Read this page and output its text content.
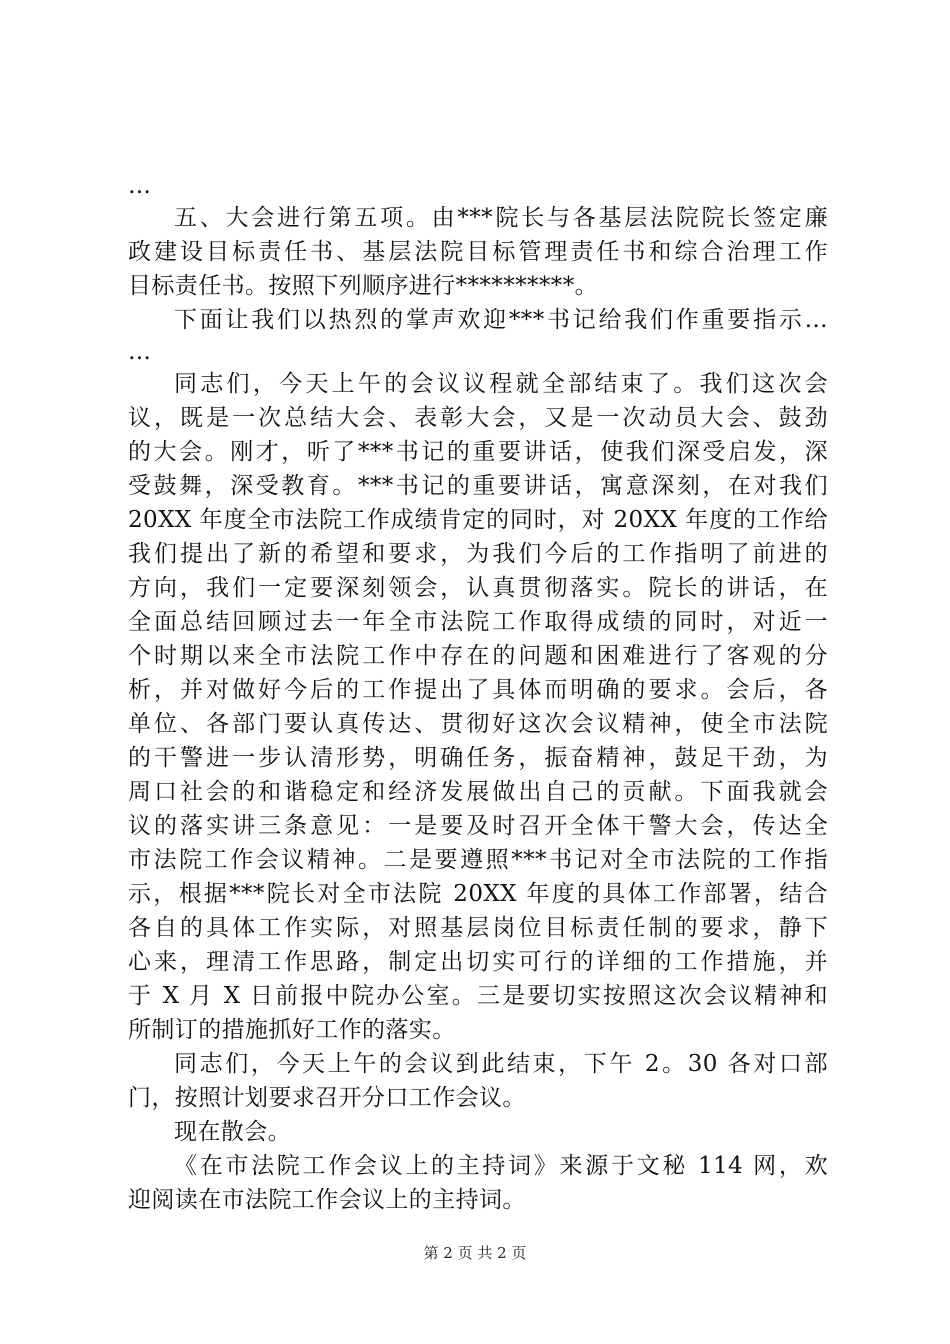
…
五、大会进行第五项。由***院长与各基层法院院长签定廉
政建设目标责任书、基层法院目标管理责任书和综合治理工作
目标责任书。按照下列顺序进行**********。
下面让我们以热烈的掌声欢迎***书记给我们作重要指示…
…
同志们，今天上午的会议议程就全部结束了。我们这次会
议，既是一次总结大会、表彰大会，又是一次动员大会、鼓劲
的大会。刚才，听了***书记的重要讲话，使我们深受启发，深
受鼓舞，深受教育。***书记的重要讲话，寓意深刻，在对我们
20XX 年度全市法院工作成绩肯定的同时，对 20XX 年度的工作给
我们提出了新的希望和要求，为我们今后的工作指明了前进的
方向，我们一定要深刻领会，认真贯彻落实。院长的讲话，在
全面总结回顾过去一年全市法院工作取得成绩的同时，对近一
个时期以来全市法院工作中存在的问题和困难进行了客观的分
析，并对做好今后的工作提出了具体而明确的要求。会后，各
单位、各部门要认真传达、贯彻好这次会议精神，使全市法院
的干警进一步认清形势，明确任务，振奋精神，鼓足干劲，为
周口社会的和谐稳定和经济发展做出自己的贡献。下面我就会
议的落实讲三条意见：一是要及时召开全体干警大会，传达全
市法院工作会议精神。二是要遵照***书记对全市法院的工作指
示，根据***院长对全市法院 20XX 年度的具体工作部署，结合
各自的具体工作实际，对照基层岗位目标责任制的要求，静下
心来，理清工作思路，制定出切实可行的详细的工作措施，并
于 X 月 X 日前报中院办公室。三是要切实按照这次会议精神和
所制订的措施抓好工作的落实。
同志们，今天上午的会议到此结束，下午 2。30 各对口部
门，按照计划要求召开分口工作会议。
现在散会。
《在市法院工作会议上的主持词》来源于文秘 114 网，欢
迎阅读在市法院工作会议上的主持词。
第 2 页 共 2 页
